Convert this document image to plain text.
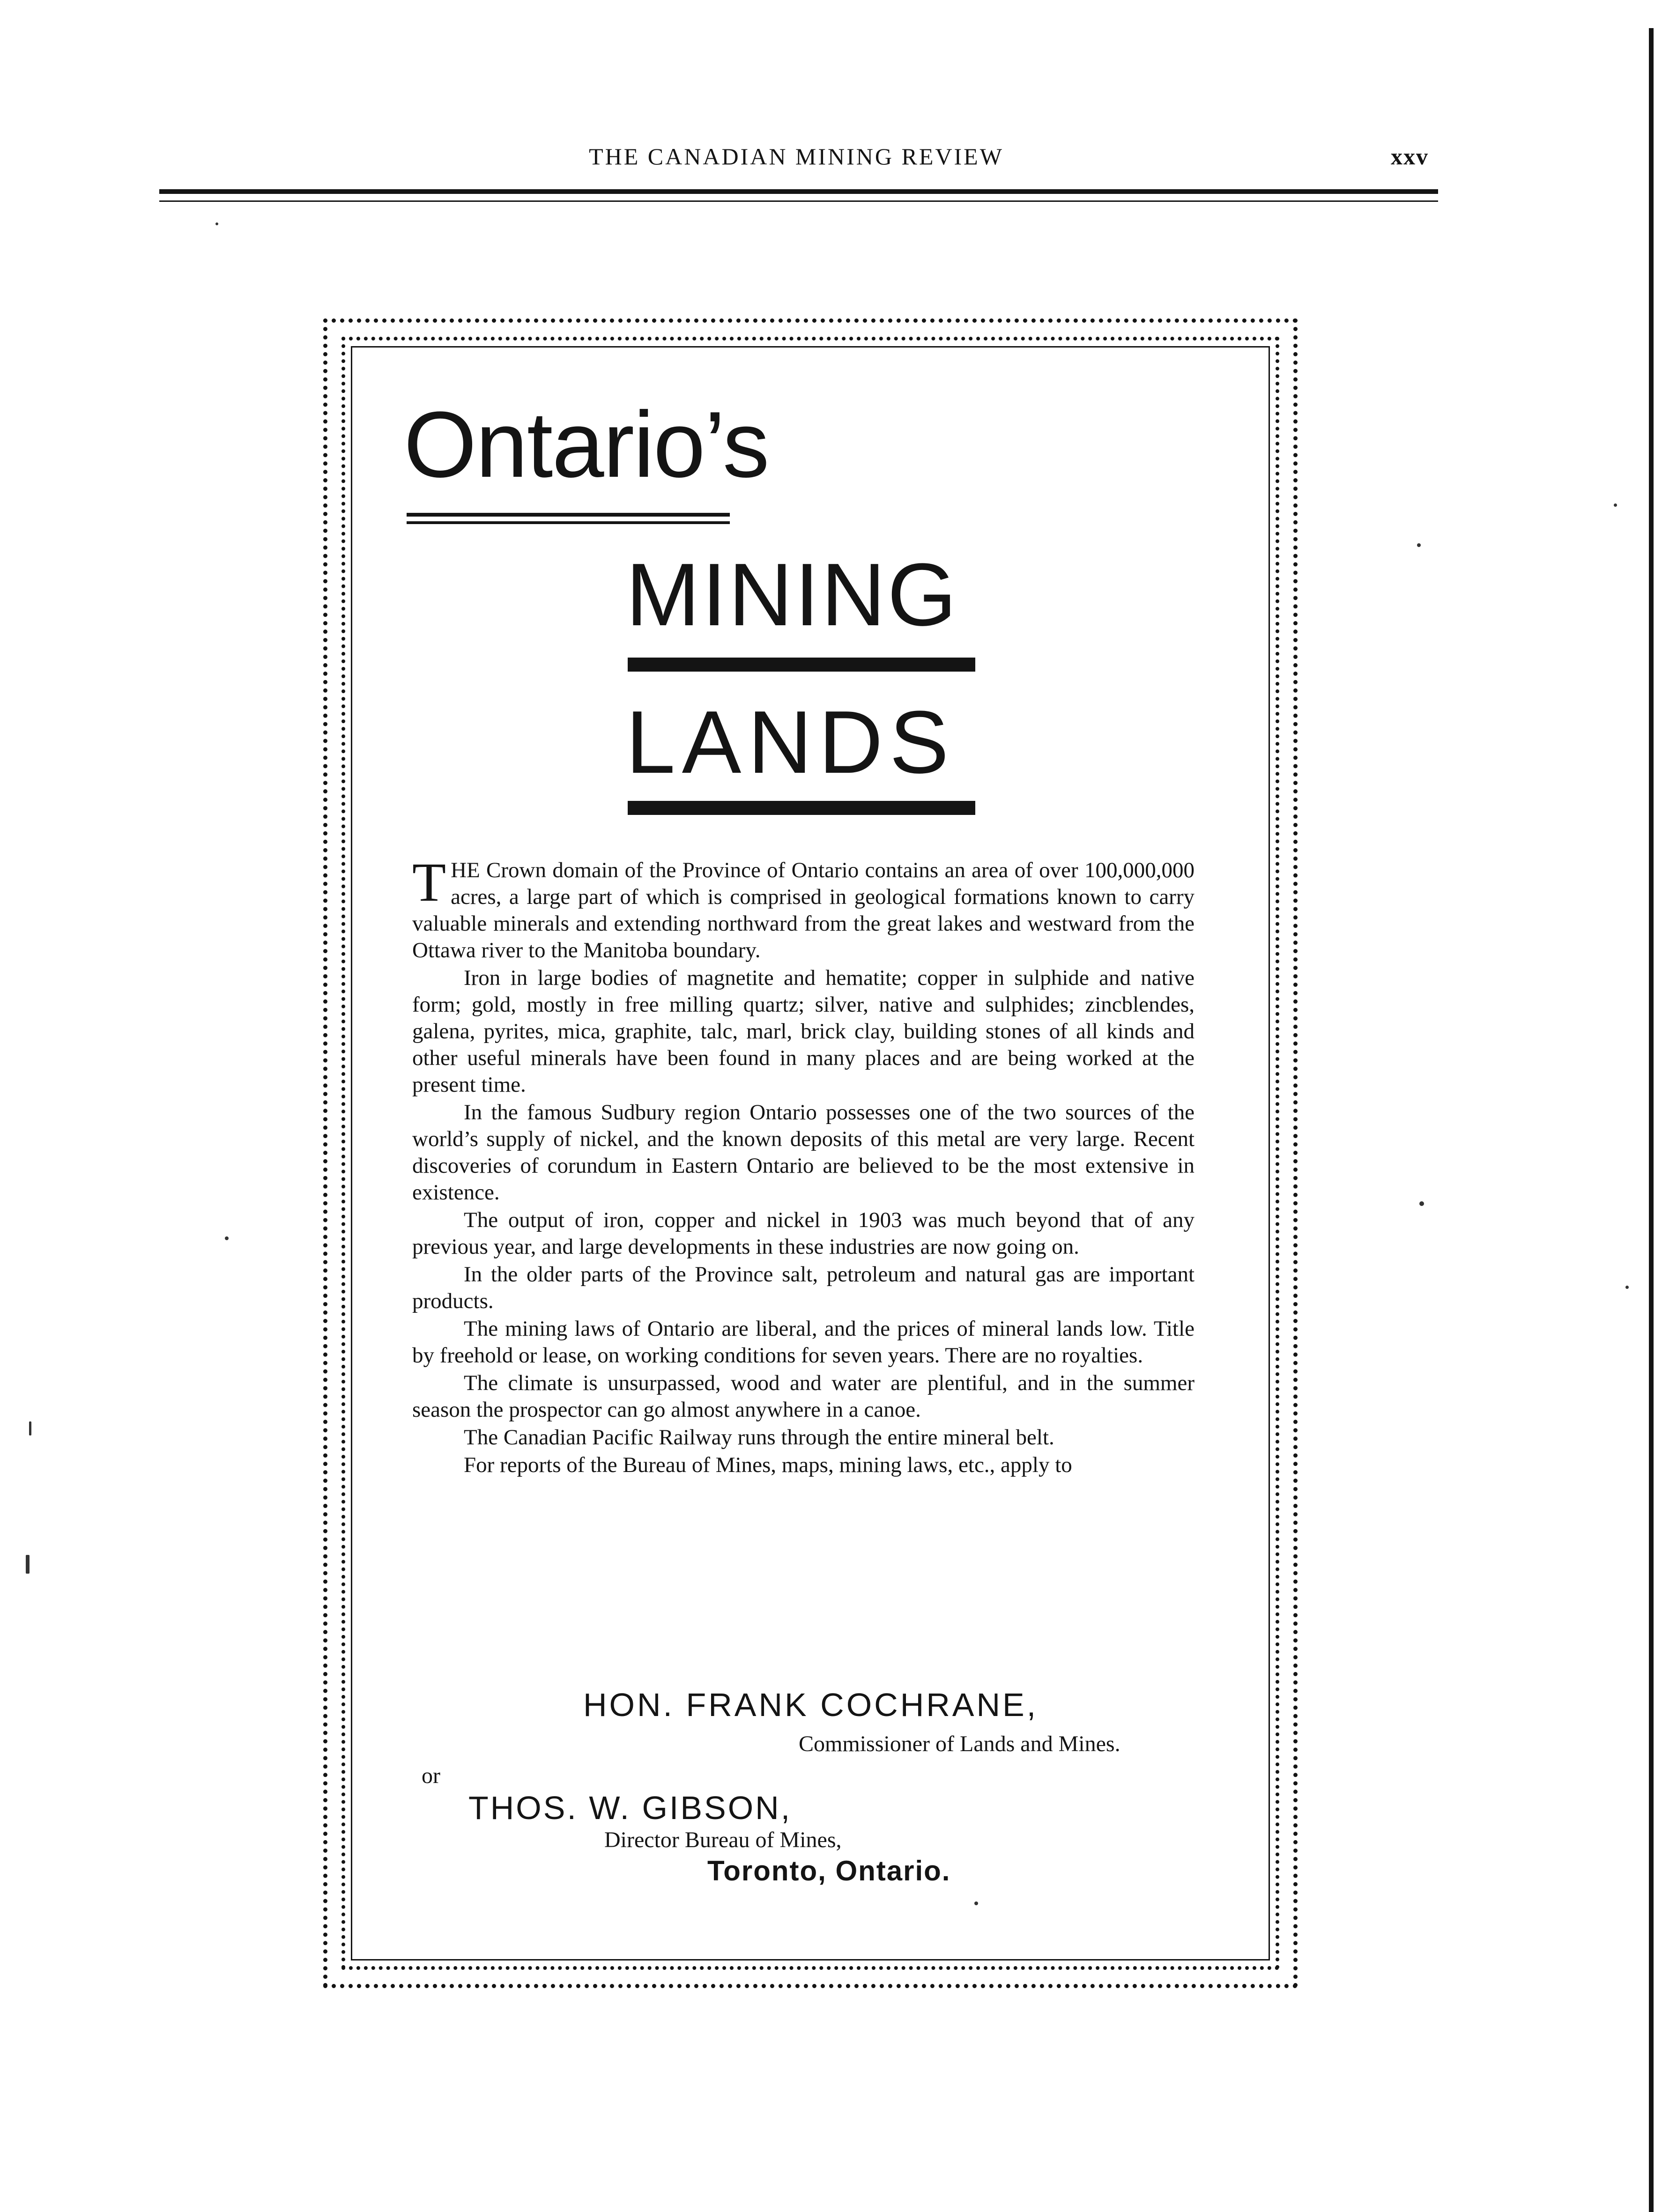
THE CANADIAN MINING REVIEW	xxv
Ontario’s
MINING
LANDS

THE Crown domain of the Province of Ontario contains an area of over 100,000,000 acres, a large part of which is comprised in geological formations known to carry valuable minerals and extending northward from the great lakes and westward from the Ottawa river to the Manitoba boundary.

Iron in large bodies of magnetite and hematite; copper in sulphide and native form; gold, mostly in free milling quartz; silver, native and sulphides; zincblendes, galena, pyrites, mica, graphite, talc, marl, brick clay, building stones of all kinds and other useful minerals have been found in many places and are being worked at the present time.

In the famous Sudbury region Ontario possesses one of the two sources of the world’s supply of nickel, and the known deposits of this metal are very large. Recent discoveries of corundum in Eastern Ontario are believed to be the most extensive in existence.

The output of iron, copper and nickel in 1903 was much beyond that of any previous year, and large developments in these industries are now going on.

In the older parts of the Province salt, petroleum and natural gas are important products.

The mining laws of Ontario are liberal, and the prices of mineral lands low. Title by freehold or lease, on working conditions for seven years. There are no royalties.

The climate is unsurpassed, wood and water are plentiful, and in the summer season the prospector can go almost anywhere in a canoe.

The Canadian Pacific Railway runs through the entire mineral belt.

For reports of the Bureau of Mines, maps, mining laws, etc., apply to

HON. FRANK COCHRANE,
Commissioner of Lands and Mines.
or
THOS. W. GIBSON,
Director Bureau of Mines,
Toronto, Ontario.
